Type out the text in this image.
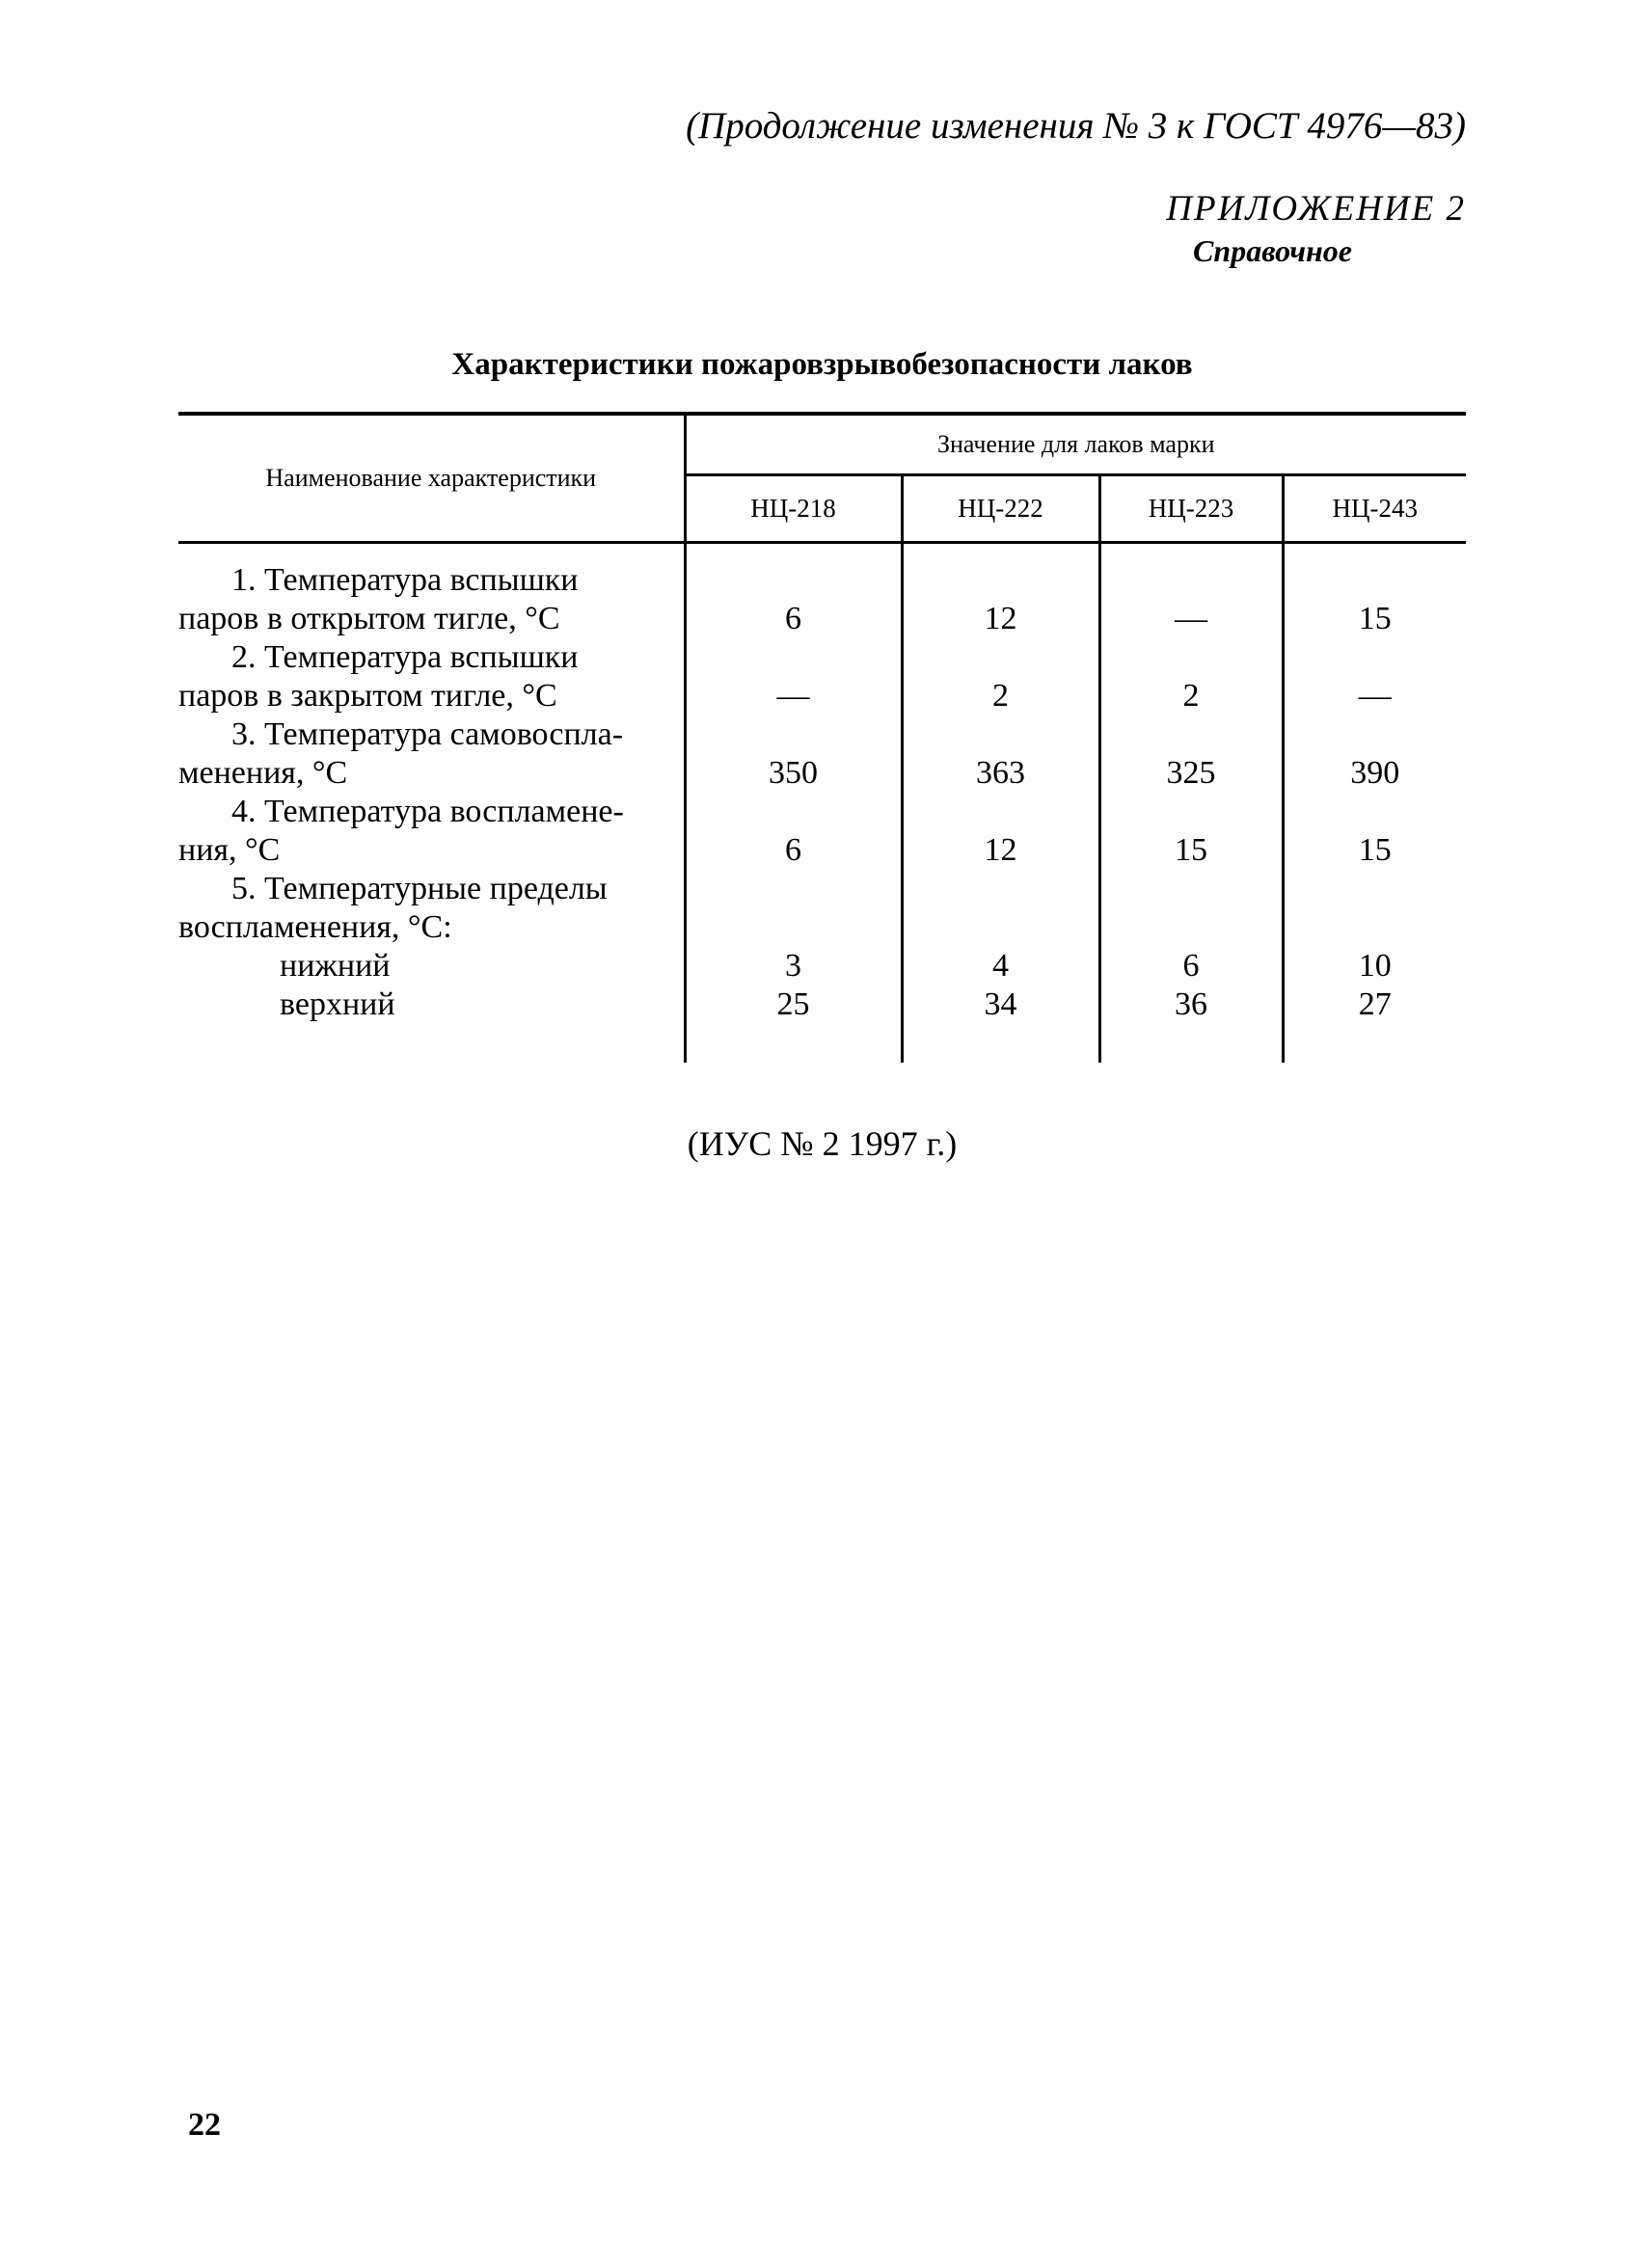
(Продолжение изменения № 3 к ГОСТ 4976—83)
ПРИЛОЖЕНИЕ 2
Справочное
Характеристики пожаровзрывобезопасности лаков
Наименование характеристики	Значение для лаков марки			
	НЦ-218	НЦ-222	НЦ-223	НЦ-243

1. Температура вспышки
паров в открытом тигле, °С	6	12	—	15

2. Температура вспышки
паров в закрытом тигле, °С	—	2	2	—

3. Температура самовоспла-
менения, °С	350	363	325	390

4. Температура воспламене-
ния, °С	6	12	15	15

5. Температурные пределы
воспламенения, °С:				

нижний	3	4	6	10
верхний	25	34	36	27

(ИУС № 2 1997 г.)
22
